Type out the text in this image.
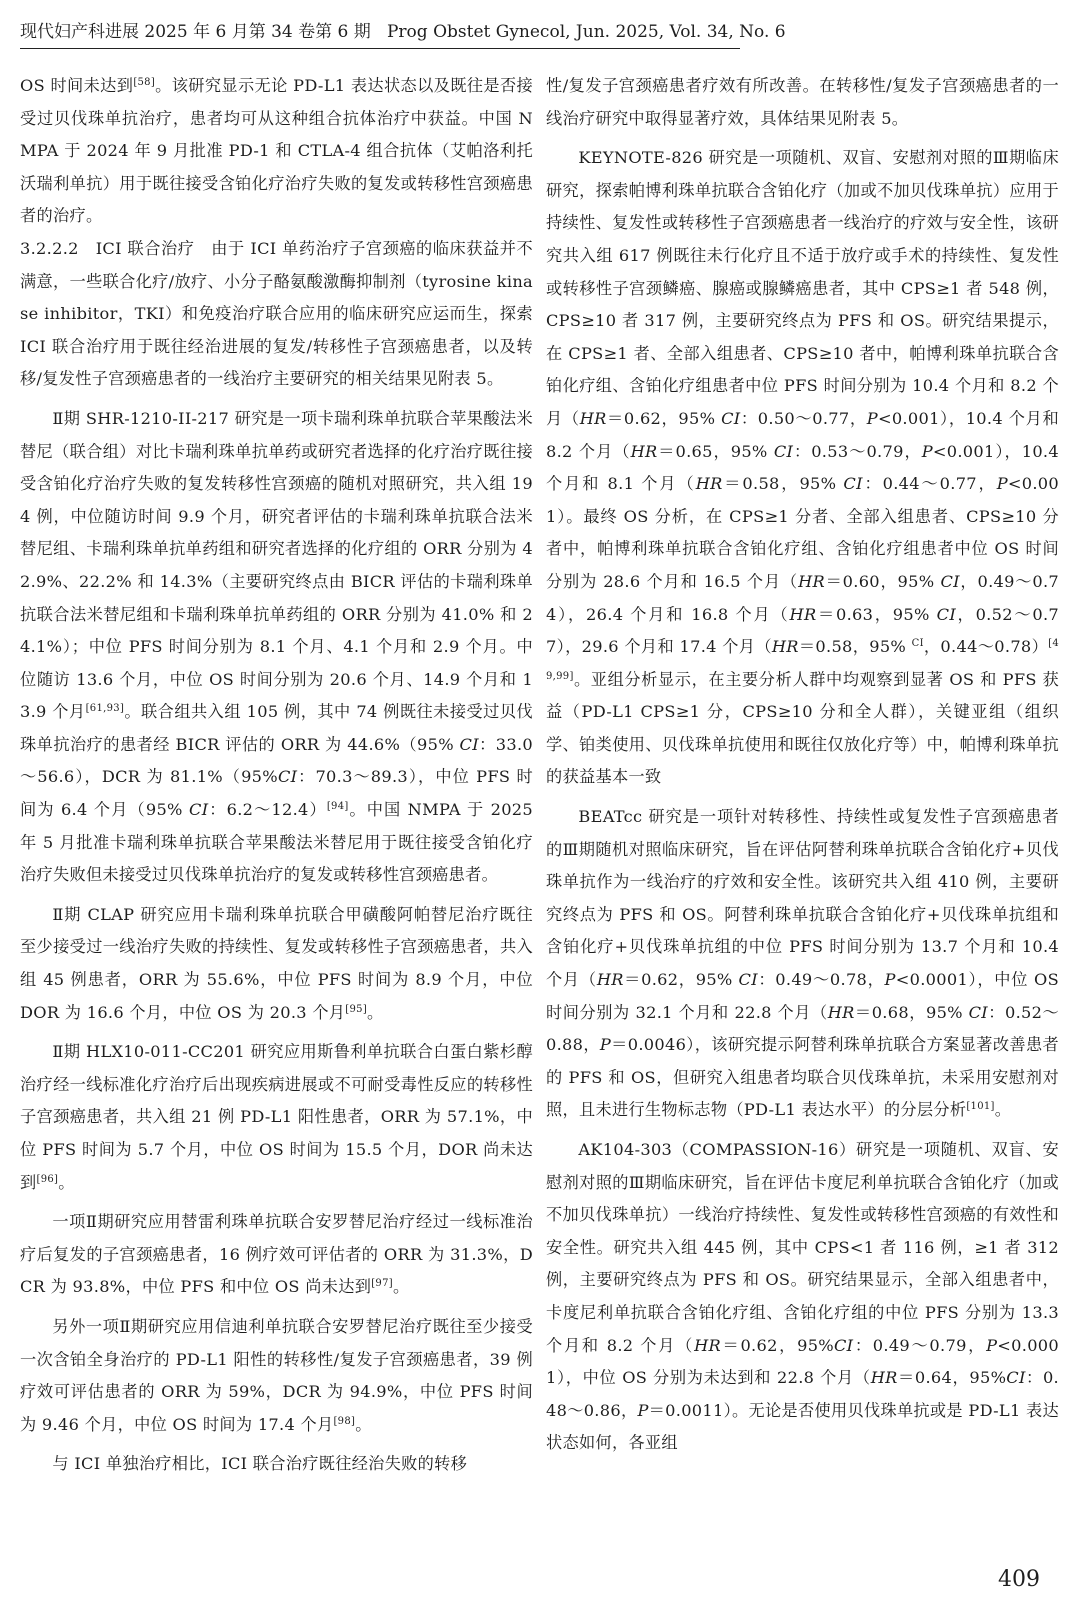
现代妇产科进展 2025 年 6 月第 34 卷第 6 期 Prog Obstet Gynecol, Jun. 2025, Vol. 34, No. 6

OS 时间未达到[58]。该研究显示无论 PD-L1 表达状态以及既往是否接受过贝伐珠单抗治疗，患者均可从这种组合抗体治疗中获益。中国 NMPA 于 2024 年 9 月批准 PD-1 和 CTLA-4 组合抗体（艾帕洛利托沃瑞利单抗）用于既往接受含铂化疗治疗失败的复发或转移性宫颈癌患者的治疗。

3.2.2.2　ICI 联合治疗　 由于 ICI 单药治疗子宫颈癌的临床获益并不满意，一些联合化疗/放疗、小分子酪氨酸激酶抑制剂（tyrosine kinase inhibitor，TKI）和免疫治疗联合应用的临床研究应运而生，探索 ICI 联合治疗用于既往经治进展的复发/转移性子宫颈癌患者，以及转移/复发性子宫颈癌患者的一线治疗主要研究的相关结果见附表 5。

Ⅱ期 SHR-1210-II-217 研究是一项卡瑞利珠单抗联合苹果酸法米替尼（联合组）对比卡瑞利珠单抗单药或研究者选择的化疗治疗既往接受含铂化疗治疗失败的复发转移性宫颈癌的随机对照研究，共入组 194 例，中位随访时间 9.9 个月，研究者评估的卡瑞利珠单抗联合法米替尼组、卡瑞利珠单抗单药组和研究者选择的化疗组的 ORR 分别为 42.9%、22.2% 和 14.3%（主要研究终点由 BICR 评估的卡瑞利珠单抗联合法米替尼组和卡瑞利珠单抗单药组的 ORR 分别为 41.0% 和 24.1%）；中位 PFS 时间分别为 8.1 个月、4.1 个月和 2.9 个月。中位随访 13.6 个月，中位 OS 时间分别为 20.6 个月、14.9 个月和 13.9 个月[61,93]。联合组共入组 105 例，其中 74 例既往未接受过贝伐珠单抗治疗的患者经 BICR 评估的 ORR 为 44.6%（95% CI：33.0～56.6），DCR 为 81.1%（95%CI：70.3～89.3），中位 PFS 时间为 6.4 个月（95% CI：6.2～12.4）[94]。中国 NMPA 于 2025 年 5 月批准卡瑞利珠单抗联合苹果酸法米替尼用于既往接受含铂化疗治疗失败但未接受过贝伐珠单抗治疗的复发或转移性宫颈癌患者。

Ⅱ期 CLAP 研究应用卡瑞利珠单抗联合甲磺酸阿帕替尼治疗既往至少接受过一线治疗失败的持续性、复发或转移性子宫颈癌患者，共入组 45 例患者，ORR 为 55.6%，中位 PFS 时间为 8.9 个月，中位 DOR 为 16.6 个月，中位 OS 为 20.3 个月[95]。

Ⅱ期 HLX10-011-CC201 研究应用斯鲁利单抗联合白蛋白紫杉醇治疗经一线标准化疗治疗后出现疾病进展或不可耐受毒性反应的转移性子宫颈癌患者，共入组 21 例 PD-L1 阳性患者，ORR 为 57.1%，中位 PFS 时间为 5.7 个月，中位 OS 时间为 15.5 个月，DOR 尚未达到[96]。

一项Ⅱ期研究应用替雷利珠单抗联合安罗替尼治疗经过一线标准治疗后复发的子宫颈癌患者，16 例疗效可评估者的 ORR 为 31.3%，DCR 为 93.8%，中位 PFS 和中位 OS 尚未达到[97]。

另外一项Ⅱ期研究应用信迪利单抗联合安罗替尼治疗既往至少接受一次含铂全身治疗的 PD-L1 阳性的转移性/复发子宫颈癌患者，39 例疗效可评估患者的 ORR 为 59%，DCR 为 94.9%，中位 PFS 时间为 9.46 个月，中位 OS 时间为 17.4 个月[98]。

与 ICI 单独治疗相比，ICI 联合治疗既往经治失败的转移

性/复发子宫颈癌患者疗效有所改善。在转移性/复发子宫颈癌患者的一线治疗研究中取得显著疗效，具体结果见附表 5。

KEYNOTE-826 研究是一项随机、双盲、安慰剂对照的Ⅲ期临床研究，探索帕博利珠单抗联合含铂化疗（加或不加贝伐珠单抗）应用于持续性、复发性或转移性子宫颈癌患者一线治疗的疗效与安全性，该研究共入组 617 例既往未行化疗且不适于放疗或手术的持续性、复发性或转移性子宫颈鳞癌、腺癌或腺鳞癌患者，其中 CPS≥1 者 548 例，CPS≥10 者 317 例，主要研究终点为 PFS 和 OS。研究结果提示，在 CPS≥1 者、全部入组患者、CPS≥10 者中，帕博利珠单抗联合含铂化疗组、含铂化疗组患者中位 PFS 时间分别为 10.4 个月和 8.2 个月（HR＝0.62，95% CI：0.50～0.77，P<0.001），10.4 个月和 8.2 个月（HR＝0.65，95% CI：0.53～0.79，P<0.001），10.4 个月和 8.1 个月（HR＝0.58，95% CI：0.44～0.77，P<0.001）。最终 OS 分析，在 CPS≥1 分者、全部入组患者、CPS≥10 分者中，帕博利珠单抗联合含铂化疗组、含铂化疗组患者中位 OS 时间分别为 28.6 个月和 16.5 个月（HR＝0.60，95% CI，0.49～0.74），26.4 个月和 16.8 个月（HR＝0.63，95% CI，0.52～0.77），29.6 个月和 17.4 个月（HR＝0.58，95% $^{CI}$，0.44～0.78）[49,99]。亚组分析显示，在主要分析人群中均观察到显著 OS 和 PFS 获益（PD-L1 CPS≥1 分，CPS≥10 分和全人群），关键亚组（组织学、铂类使用、贝伐珠单抗使用和既往仅放化疗等）中，帕博利珠单抗的获益基本一致

BEATcc 研究是一项针对转移性、持续性或复发性子宫颈癌患者的Ⅲ期随机对照临床研究，旨在评估阿替利珠单抗联合含铂化疗+贝伐珠单抗作为一线治疗的疗效和安全性。该研究共入组 410 例，主要研究终点为 PFS 和 OS。阿替利珠单抗联合含铂化疗+贝伐珠单抗组和含铂化疗+贝伐珠单抗组的中位 PFS 时间分别为 13.7 个月和 10.4 个月（HR＝0.62，95% CI：0.49～0.78，P<0.0001），中位 OS 时间分别为 32.1 个月和 22.8 个月（HR＝0.68，95% CI：0.52～0.88，P＝0.0046），该研究提示阿替利珠单抗联合方案显著改善患者的 PFS 和 OS，但研究入组患者均联合贝伐珠单抗，未采用安慰剂对照，且未进行生物标志物（PD-L1 表达水平）的分层分析[101]。

AK104-303（COMPASSION-16）研究是一项随机、双盲、安慰剂对照的Ⅲ期临床研究，旨在评估卡度尼利单抗联合含铂化疗（加或不加贝伐珠单抗）一线治疗持续性、复发性或转移性宫颈癌的有效性和安全性。研究共入组 445 例，其中 CPS<1 者 116 例，≥1 者 312 例，主要研究终点为 PFS 和 OS。研究结果显示，全部入组患者中，卡度尼利单抗联合含铂化疗组、含铂化疗组的中位 PFS 分别为 13.3 个月和 8.2 个月（HR＝0.62，95%CI：0.49～0.79，P<0.0001），中位 OS 分别为未达到和 22.8 个月（HR＝0.64，95%CI：0.48～0.86，P＝0.0011）。无论是否使用贝伐珠单抗或是 PD-L1 表达状态如何，各亚组

409
